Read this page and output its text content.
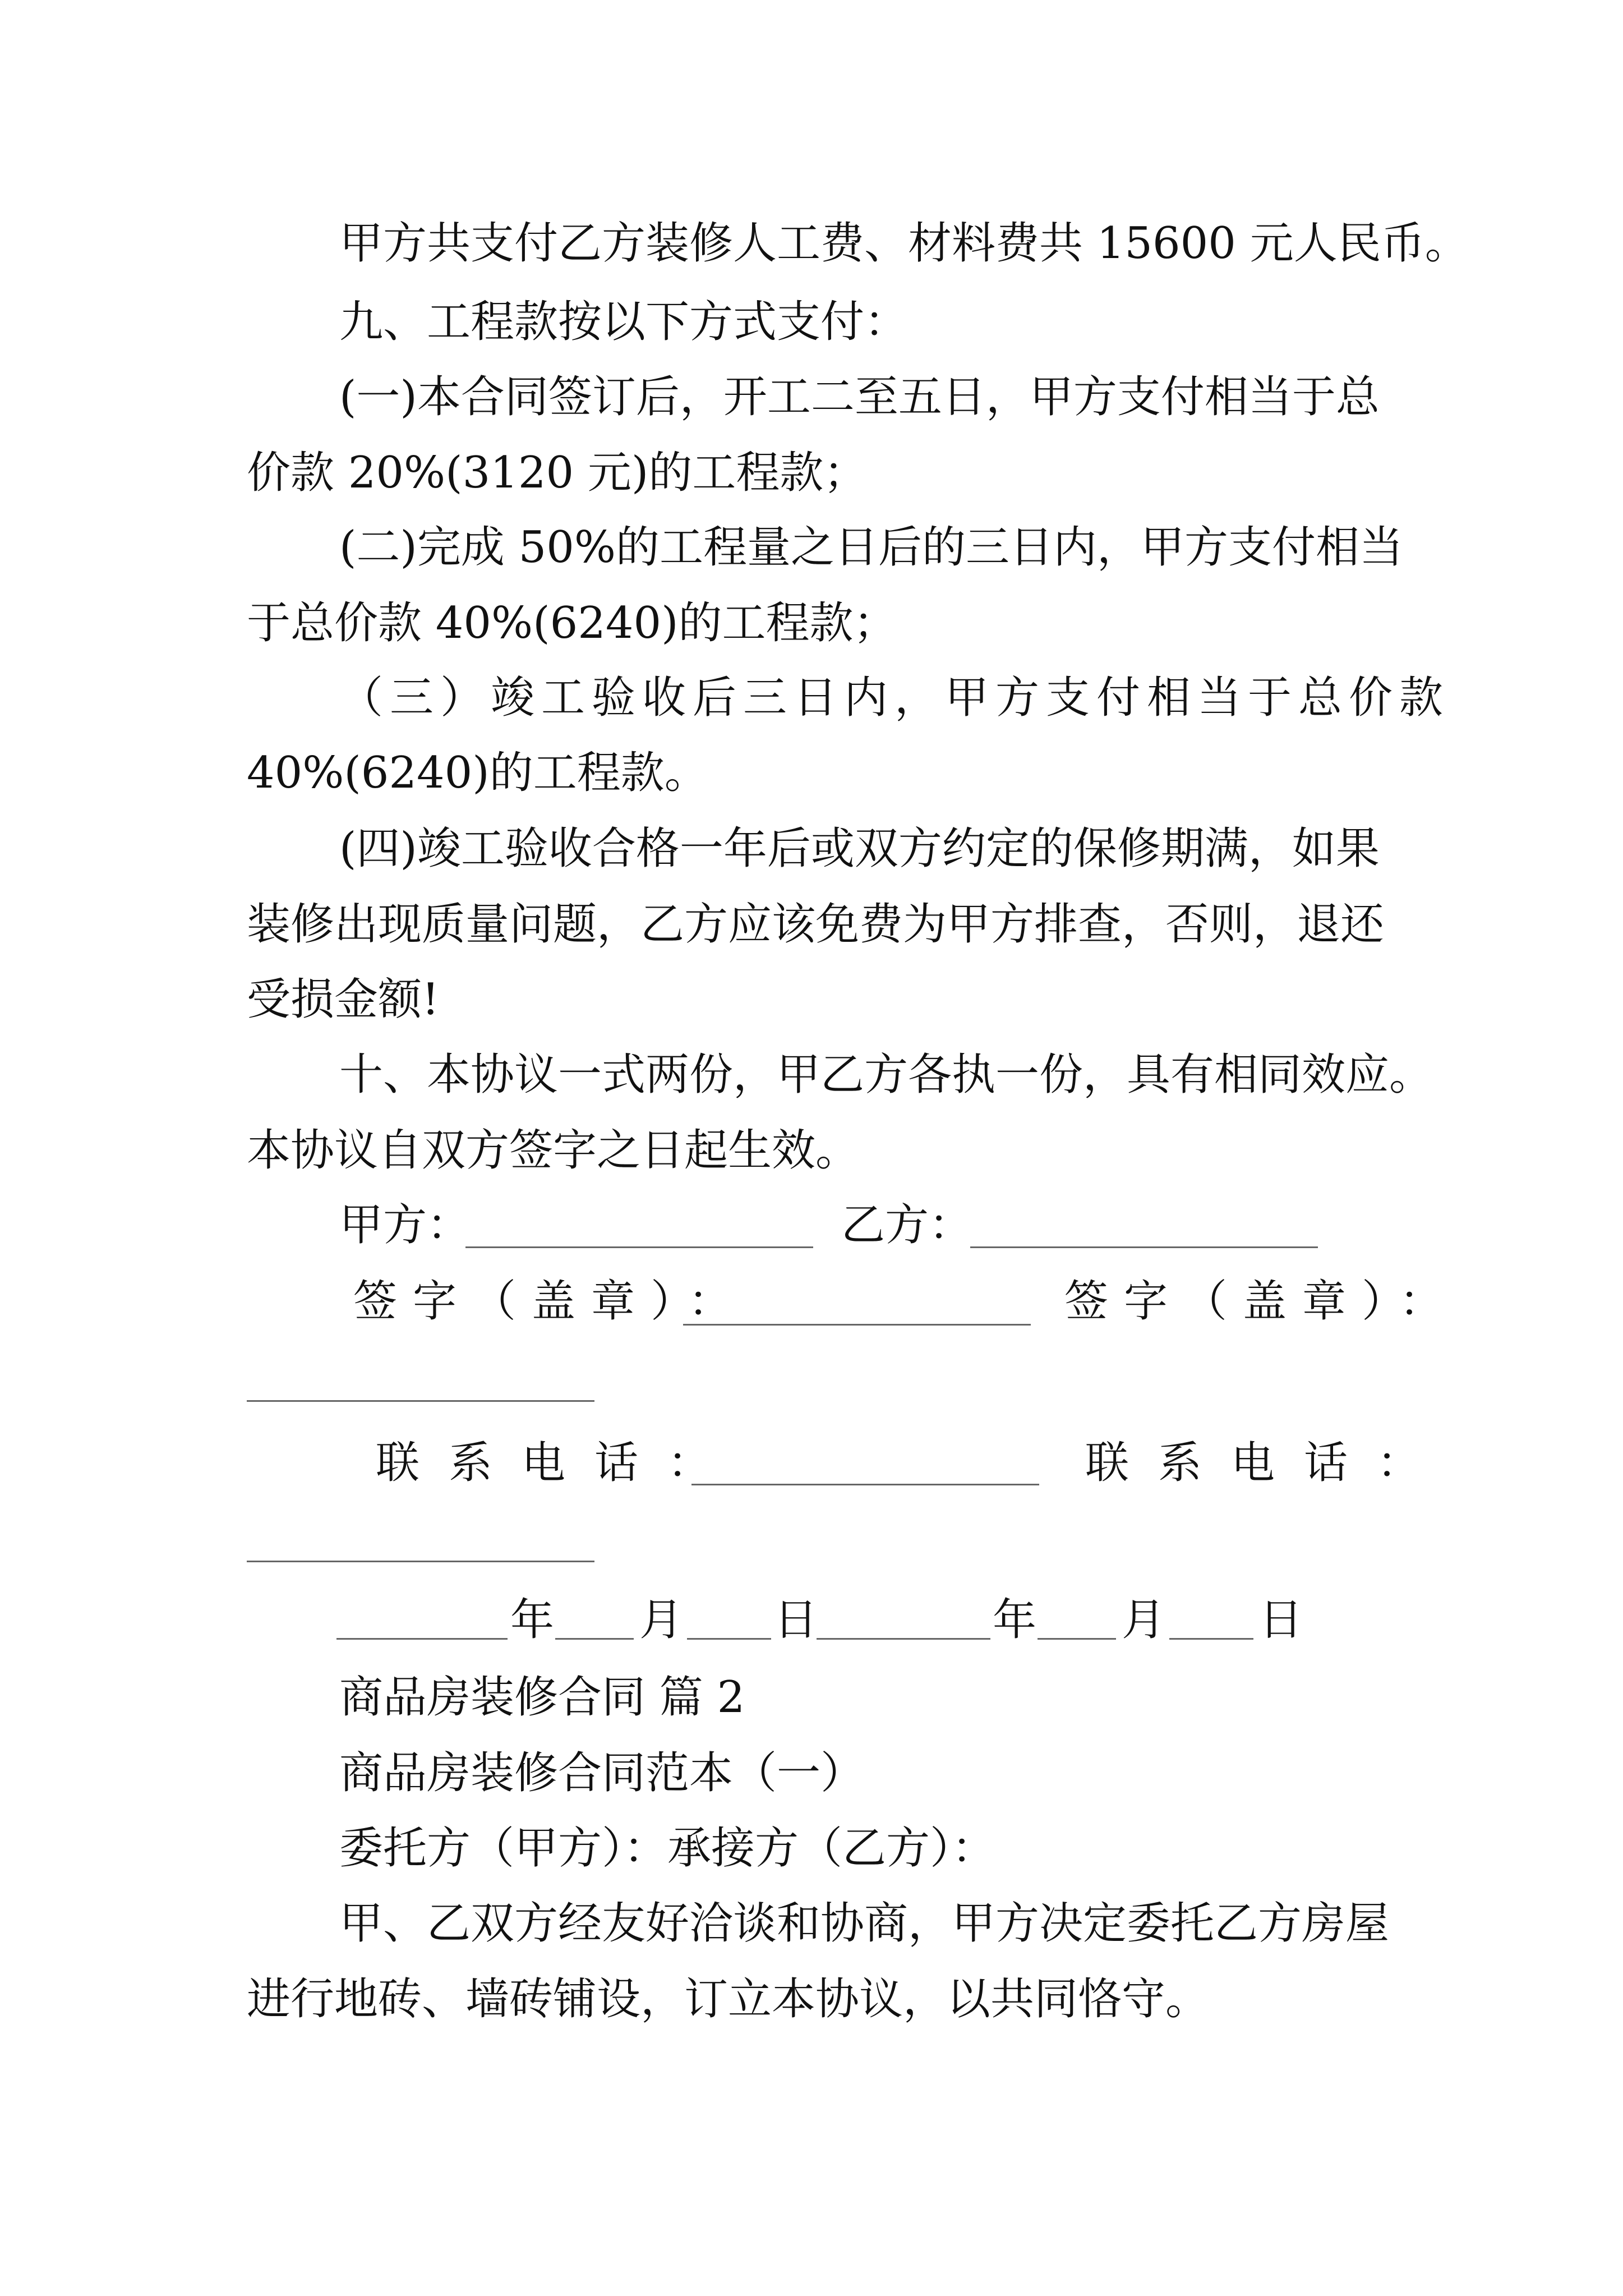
甲方共支付乙方装修人工费、材料费共 15600 元人民币。
九、工程款按以下方式支付：
(一)本合同签订后，开工二至五日，甲方支付相当于总
价款 20%(3120 元)的工程款；
(二)完成 50%的工程量之日后的三日内，甲方支付相当
于总价款 40%(6240)的工程款；
（三）竣工验收后三日内，甲方支付相当于总价款
40%(6240)的工程款。
(四)竣工验收合格一年后或双方约定的保修期满，如果
装修出现质量问题，乙方应该免费为甲方排查，否则，退还
受损金额!
十、本协议一式两份，甲乙方各执一份，具有相同效应。
本协议自双方签字之日起生效。
甲方：	乙方：
签字（盖章）：	签字（盖章）：
联系电话：	联系电话：
年 月 日	年 月 日
商品房装修合同 篇 2
商品房装修合同范本（一）
委托方（甲方）：承接方（乙方）：
甲、乙双方经友好洽谈和协商，甲方决定委托乙方房屋
进行地砖、墙砖铺设，订立本协议，以共同恪守。
